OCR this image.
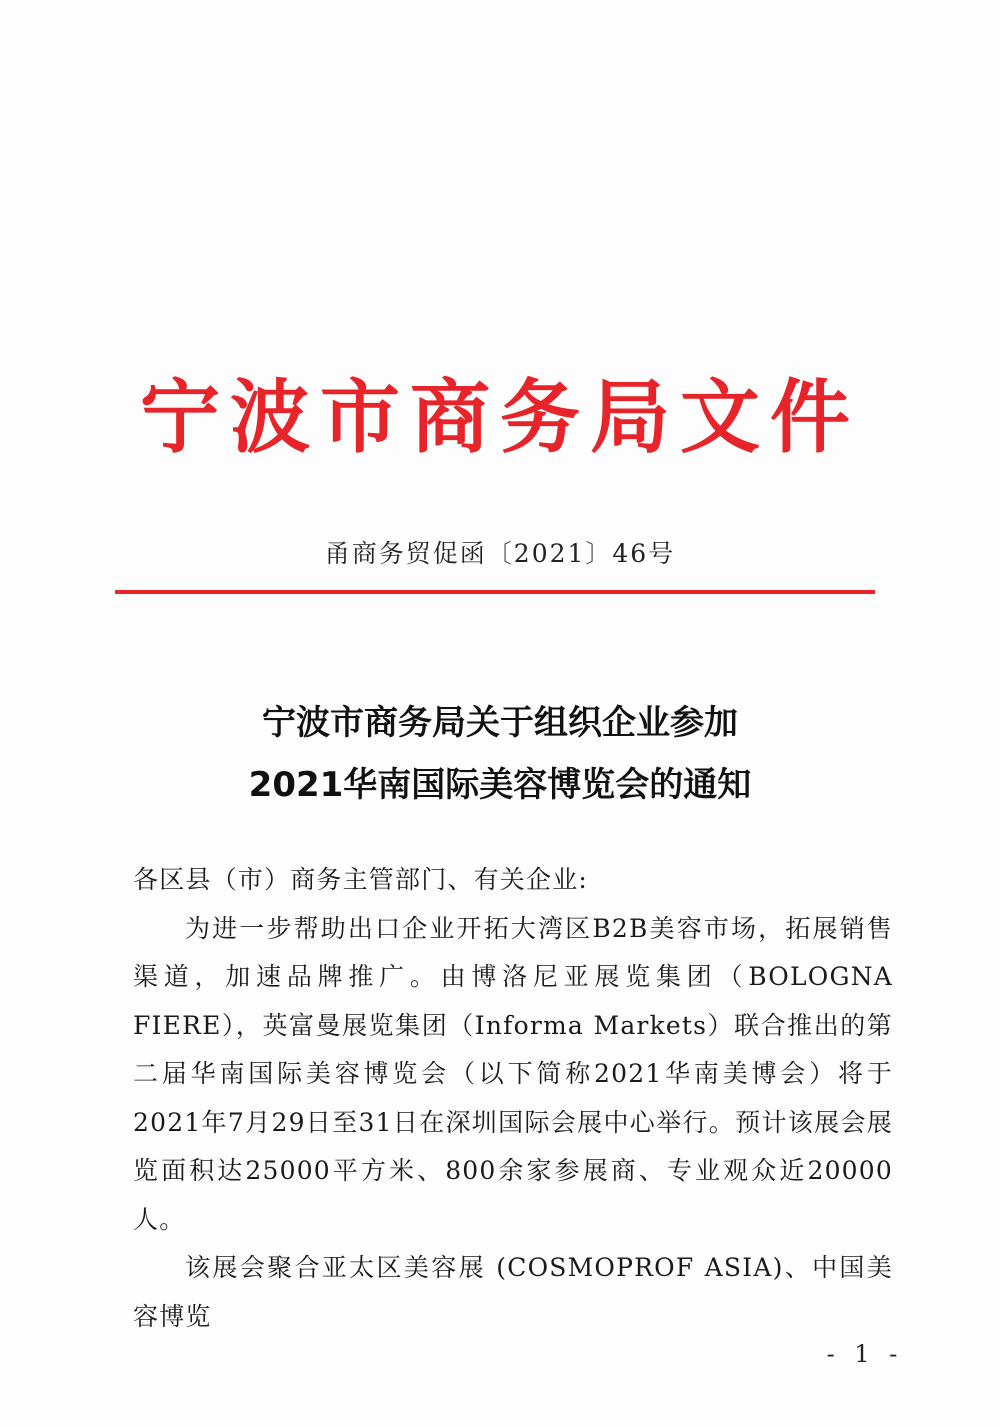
宁波市商务局文件
甬商务贸促函〔2021〕46号
宁波市商务局关于组织企业参加
2021华南国际美容博览会的通知

各区县（市）商务主管部门、有关企业:

为进一步帮助出口企业开拓大湾区B2B美容市场，拓展销售渠道，加速品牌推广。由博洛尼亚展览集团（BOLOGNA FIERE），英富曼展览集团（Informa Markets）联合推出的第二届华南国际美容博览会（以下简称2021华南美博会）将于2021年7月29日至31日在深圳国际会展中心举行。预计该展会展览面积达25000平方米、800余家参展商、专业观众近20000人。

该展会聚合亚太区美容展 (COSMOPROF ASIA)、中国美容博览

- 1 -
